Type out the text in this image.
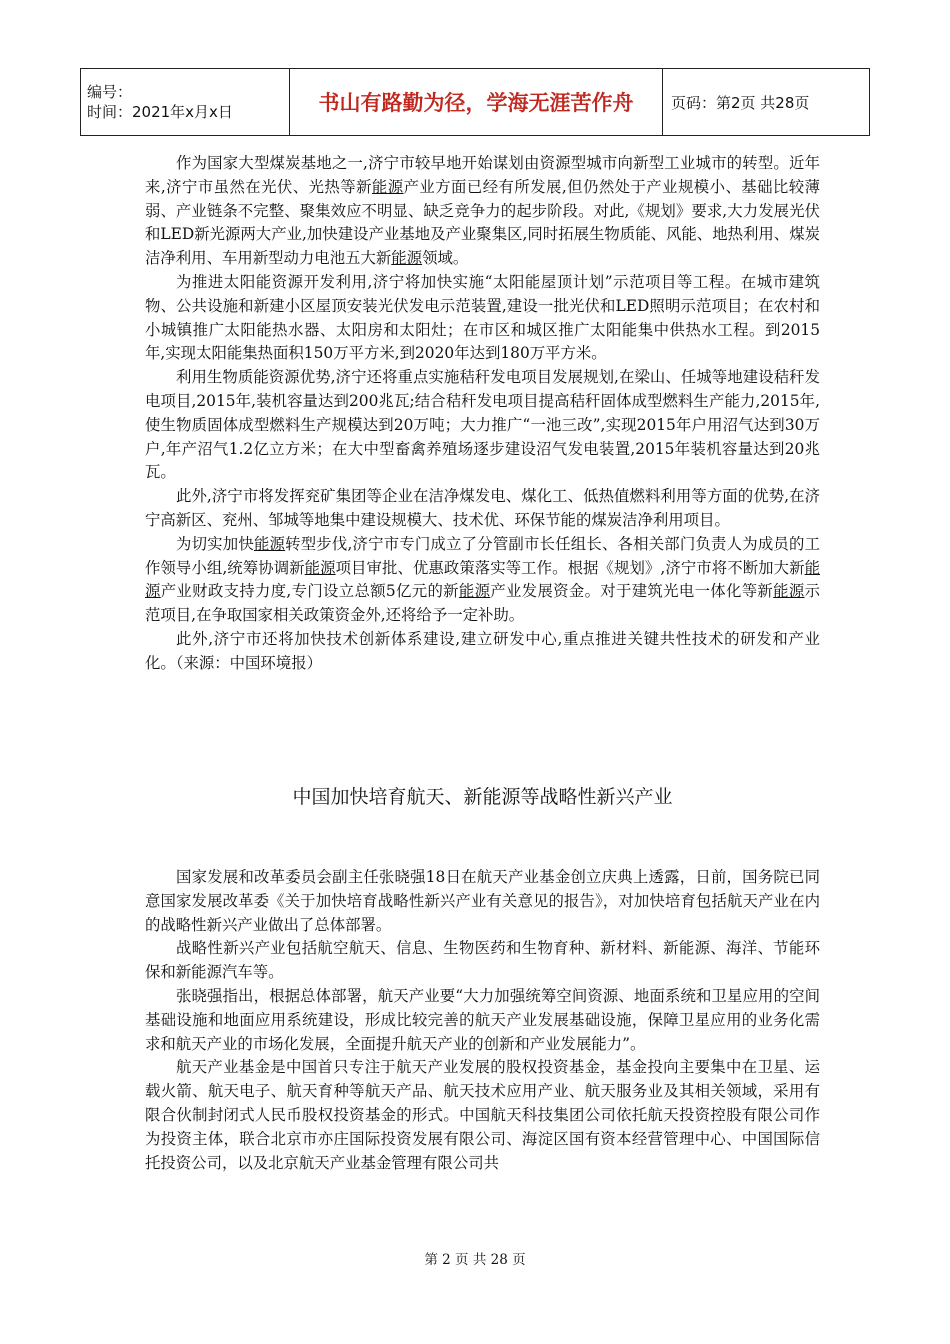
编号：
时间：2021年x月x日	书山有路勤为径，学海无涯苦作舟	页码：第2页 共28页

作为国家大型煤炭基地之一,济宁市较早地开始谋划由资源型城市向新型工业城市的转型。近年来,济宁市虽然在光伏、光热等新能源产业方面已经有所发展,但仍然处于产业规模小、基础比较薄弱、产业链条不完整、聚集效应不明显、缺乏竞争力的起步阶段。对此,《规划》要求,大力发展光伏和LED新光源两大产业,加快建设产业基地及产业聚集区,同时拓展生物质能、风能、地热利用、煤炭洁净利用、车用新型动力电池五大新能源领域。

为推进太阳能资源开发利用,济宁将加快实施“太阳能屋顶计划”示范项目等工程。在城市建筑物、公共设施和新建小区屋顶安装光伏发电示范装置,建设一批光伏和LED照明示范项目；在农村和小城镇推广太阳能热水器、太阳房和太阳灶；在市区和城区推广太阳能集中供热水工程。到2015年,实现太阳能集热面积150万平方米,到2020年达到180万平方米。

利用生物质能资源优势,济宁还将重点实施秸秆发电项目发展规划,在梁山、任城等地建设秸秆发电项目,2015年,装机容量达到200兆瓦;结合秸秆发电项目提高秸秆固体成型燃料生产能力,2015年,使生物质固体成型燃料生产规模达到20万吨；大力推广“一池三改”,实现2015年户用沼气达到30万户,年产沼气1.2亿立方米；在大中型畜禽养殖场逐步建设沼气发电装置,2015年装机容量达到20兆瓦。

此外,济宁市将发挥兖矿集团等企业在洁净煤发电、煤化工、低热值燃料利用等方面的优势,在济宁高新区、兖州、邹城等地集中建设规模大、技术优、环保节能的煤炭洁净利用项目。

为切实加快能源转型步伐,济宁市专门成立了分管副市长任组长、各相关部门负责人为成员的工作领导小组,统筹协调新能源项目审批、优惠政策落实等工作。根据《规划》,济宁市将不断加大新能源产业财政支持力度,专门设立总额5亿元的新能源产业发展资金。对于建筑光电一体化等新能源示范项目,在争取国家相关政策资金外,还将给予一定补助。

此外,济宁市还将加快技术创新体系建设,建立研发中心,重点推进关键共性技术的研发和产业化。（来源：中国环境报）

中国加快培育航天、新能源等战略性新兴产业

国家发展和改革委员会副主任张晓强18日在航天产业基金创立庆典上透露，日前，国务院已同意国家发展改革委《关于加快培育战略性新兴产业有关意见的报告》，对加快培育包括航天产业在内的战略性新兴产业做出了总体部署。

战略性新兴产业包括航空航天、信息、生物医药和生物育种、新材料、新能源、海洋、节能环保和新能源汽车等。

张晓强指出，根据总体部署，航天产业要“大力加强统筹空间资源、地面系统和卫星应用的空间基础设施和地面应用系统建设，形成比较完善的航天产业发展基础设施，保障卫星应用的业务化需求和航天产业的市场化发展，全面提升航天产业的创新和产业发展能力”。

航天产业基金是中国首只专注于航天产业发展的股权投资基金，基金投向主要集中在卫星、运载火箭、航天电子、航天育种等航天产品、航天技术应用产业、航天服务业及其相关领域，采用有限合伙制封闭式人民币股权投资基金的形式。中国航天科技集团公司依托航天投资控股有限公司作为投资主体，联合北京市亦庄国际投资发展有限公司、海淀区国有资本经营管理中心、中国国际信托投资公司，以及北京航天产业基金管理有限公司共

第 2 页 共 28 页
